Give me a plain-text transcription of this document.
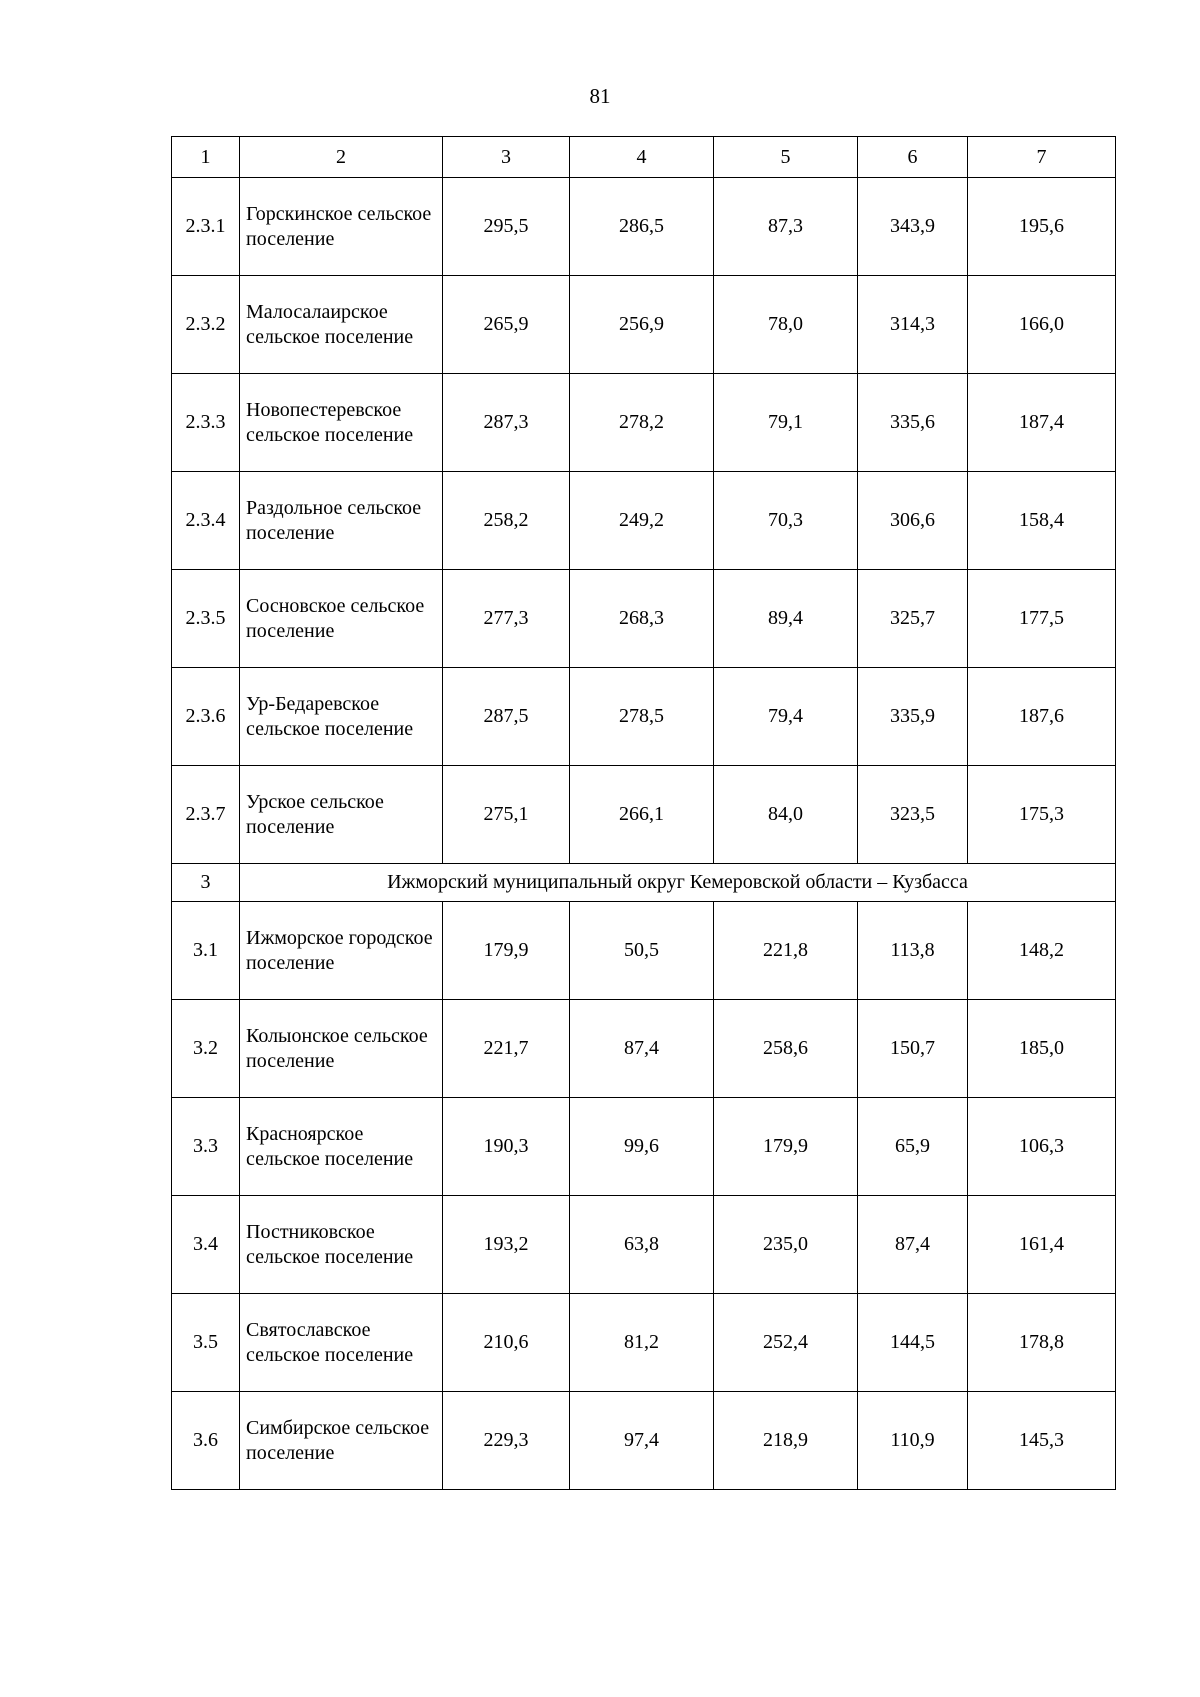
81
1	2	3	4	5	6	7
2.3.1	Горскинское сельское поселение	295,5	286,5	87,3	343,9	195,6
2.3.2	Малосалаирское сельское поселение	265,9	256,9	78,0	314,3	166,0
2.3.3	Новопестеревское сельское поселение	287,3	278,2	79,1	335,6	187,4
2.3.4	Раздольное сельское поселение	258,2	249,2	70,3	306,6	158,4
2.3.5	Сосновское сельское поселение	277,3	268,3	89,4	325,7	177,5
2.3.6	Ур-Бедаревское сельское поселение	287,5	278,5	79,4	335,9	187,6
2.3.7	Урское сельское поселение	275,1	266,1	84,0	323,5	175,3
3	Ижморский муниципальный округ Кемеровской области – Кузбасса					
3.1	Ижморское городское поселение	179,9	50,5	221,8	113,8	148,2
3.2	Колыонское сельское поселение	221,7	87,4	258,6	150,7	185,0
3.3	Красноярское сельское поселение	190,3	99,6	179,9	65,9	106,3
3.4	Постниковское сельское поселение	193,2	63,8	235,0	87,4	161,4
3.5	Святославское сельское поселение	210,6	81,2	252,4	144,5	178,8
3.6	Симбирское сельское поселение	229,3	97,4	218,9	110,9	145,3
